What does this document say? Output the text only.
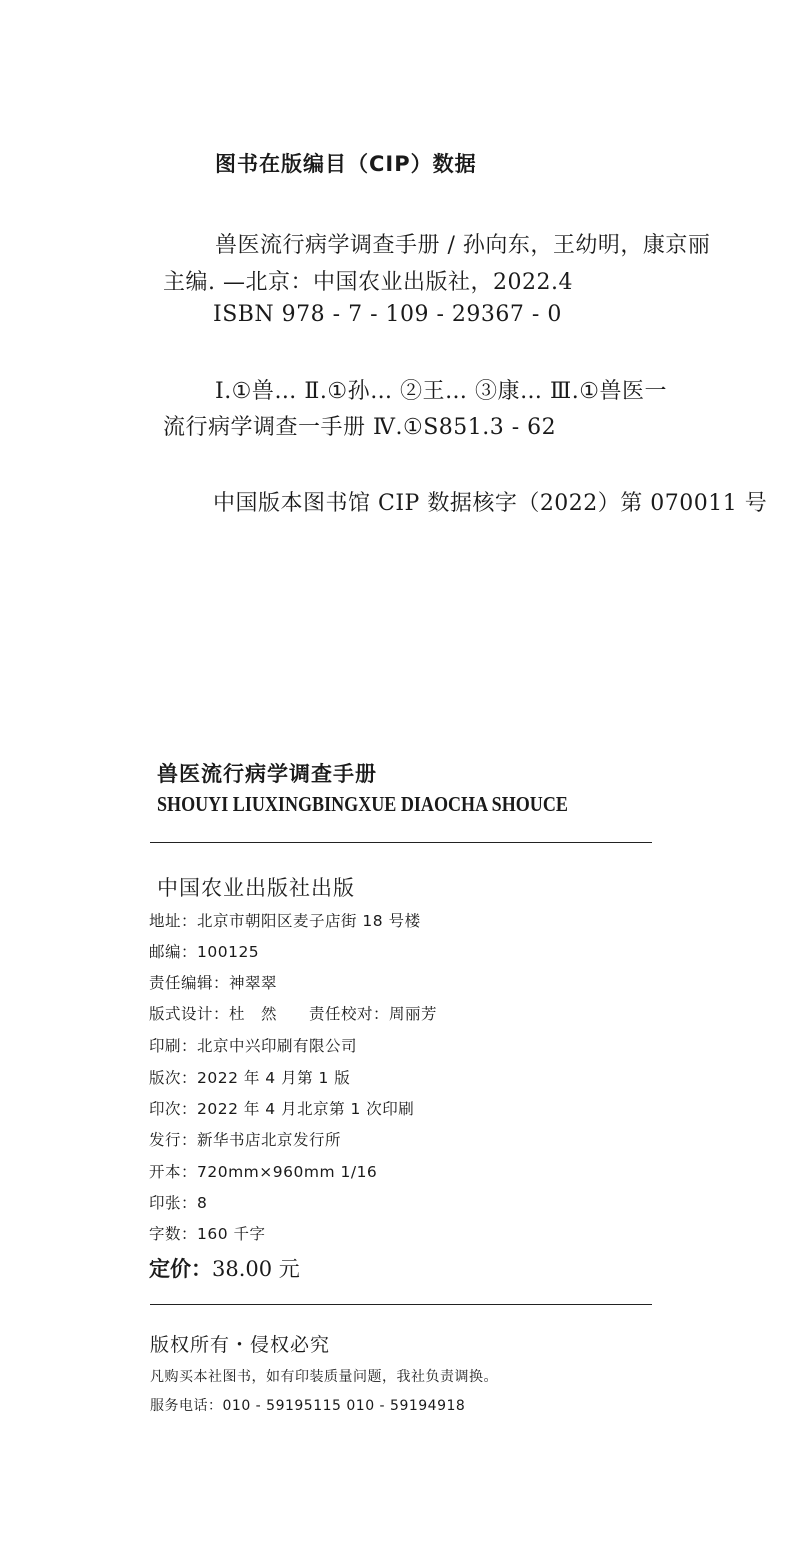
图书在版编目（CIP）数据
兽医流行病学调查手册 / 孙向东，王幼明，康京丽
主编. —北京：中国农业出版社，2022.4
ISBN 978 - 7 - 109 - 29367 - 0
Ⅰ.①兽… Ⅱ.①孙… ②王… ③康… Ⅲ.①兽医一
流行病学调查一手册 Ⅳ.①S851.3 - 62
中国版本图书馆 CIP 数据核字（2022）第 070011 号
兽医流行病学调查手册
SHOUYI LIUXINGBINGXUE DIAOCHA SHOUCE
中国农业出版社出版
地址：北京市朝阳区麦子店街 18 号楼
邮编：100125
责任编辑：神翠翠
版式设计：杜　然　　责任校对：周丽芳
印刷：北京中兴印刷有限公司
版次：2022 年 4 月第 1 版
印次：2022 年 4 月北京第 1 次印刷
发行：新华书店北京发行所
开本：720mm×960mm 1/16
印张：8
字数：160 千字
定价：38.00 元
版权所有・侵权必究
凡购买本社图书，如有印装质量问题，我社负责调换。
服务电话：010 - 59195115 010 - 59194918
